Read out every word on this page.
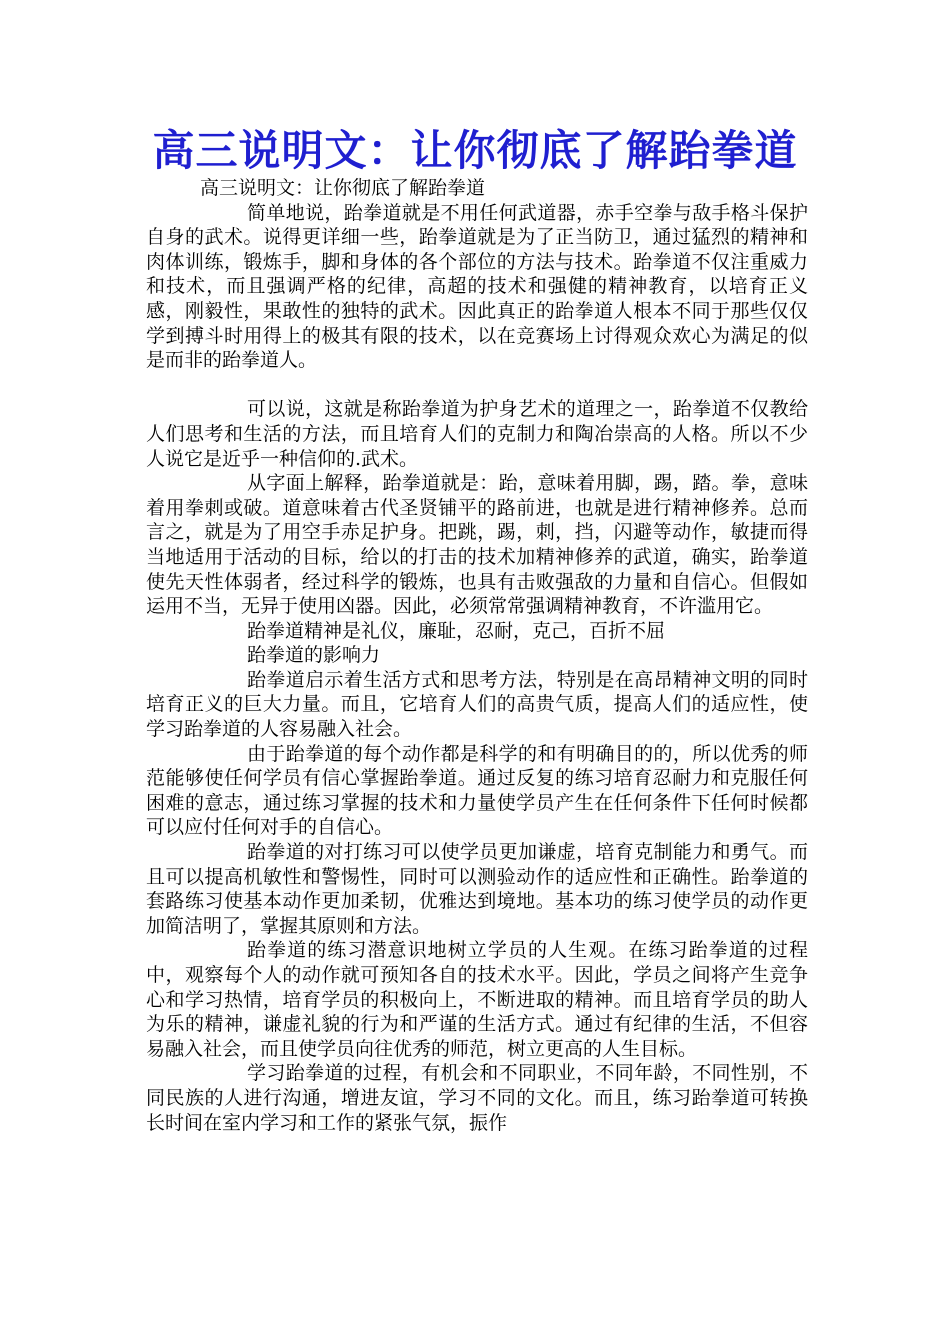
高三说明文：让你彻底了解跆拳道

高三说明文：让你彻底了解跆拳道

简单地说，跆拳道就是不用任何武道器，赤手空拳与敌手格斗保护自身的武术。说得更详细一些，跆拳道就是为了正当防卫，通过猛烈的精神和肉体训练，锻炼手，脚和身体的各个部位的方法与技术。跆拳道不仅注重威力和技术，而且强调严格的纪律，高超的技术和强健的精神教育，以培育正义感，刚毅性，果敢性的独特的武术。因此真正的跆拳道人根本不同于那些仅仅学到搏斗时用得上的极其有限的技术，以在竞赛场上讨得观众欢心为满足的似是而非的跆拳道人。

可以说，这就是称跆拳道为护身艺术的道理之一，跆拳道不仅教给人们思考和生活的方法，而且培育人们的克制力和陶冶崇高的人格。所以不少人说它是近乎一种信仰的.武术。

从字面上解释，跆拳道就是：跆，意味着用脚，踢，踏。拳，意味着用拳刺或破。道意味着古代圣贤铺平的路前进，也就是进行精神修养。总而言之，就是为了用空手赤足护身。把跳，踢，刺，挡，闪避等动作，敏捷而得当地适用于活动的目标，给以的打击的技术加精神修养的武道，确实，跆拳道使先天性体弱者，经过科学的锻炼，也具有击败强敌的力量和自信心。但假如运用不当，无异于使用凶器。因此，必须常常强调精神教育，不许滥用它。

跆拳道精神是礼仪，廉耻，忍耐，克己，百折不屈

跆拳道的影响力

跆拳道启示着生活方式和思考方法，特别是在高昂精神文明的同时培育正义的巨大力量。而且，它培育人们的高贵气质，提高人们的适应性，使学习跆拳道的人容易融入社会。

由于跆拳道的每个动作都是科学的和有明确目的的，所以优秀的师范能够使任何学员有信心掌握跆拳道。通过反复的练习培育忍耐力和克服任何困难的意志，通过练习掌握的技术和力量使学员产生在任何条件下任何时候都可以应付任何对手的自信心。

跆拳道的对打练习可以使学员更加谦虚，培育克制能力和勇气。而且可以提高机敏性和警惕性，同时可以测验动作的适应性和正确性。跆拳道的套路练习使基本动作更加柔韧，优雅达到境地。基本功的练习使学员的动作更加简洁明了，掌握其原则和方法。

跆拳道的练习潜意识地树立学员的人生观。在练习跆拳道的过程中，观察每个人的动作就可预知各自的技术水平。因此，学员之间将产生竞争心和学习热情，培育学员的积极向上，不断进取的精神。而且培育学员的助人为乐的精神，谦虚礼貌的行为和严谨的生活方式。通过有纪律的生活，不但容易融入社会，而且使学员向往优秀的师范，树立更高的人生目标。

学习跆拳道的过程，有机会和不同职业，不同年龄，不同性别，不同民族的人进行沟通，增进友谊，学习不同的文化。而且，练习跆拳道可转换长时间在室内学习和工作的紧张气氛，振作
